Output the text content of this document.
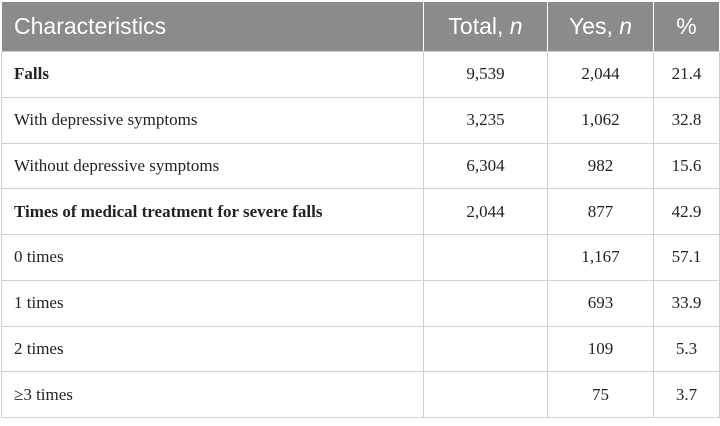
Characteristics	Total, n	Yes, n	%
Falls	9,539	2,044	21.4
With depressive symptoms	3,235	1,062	32.8
Without depressive symptoms	6,304	982	15.6
Times of medical treatment for severe falls	2,044	877	42.9
0 times		1,167	57.1
1 times		693	33.9
2 times		109	5.3
≥3 times		75	3.7
